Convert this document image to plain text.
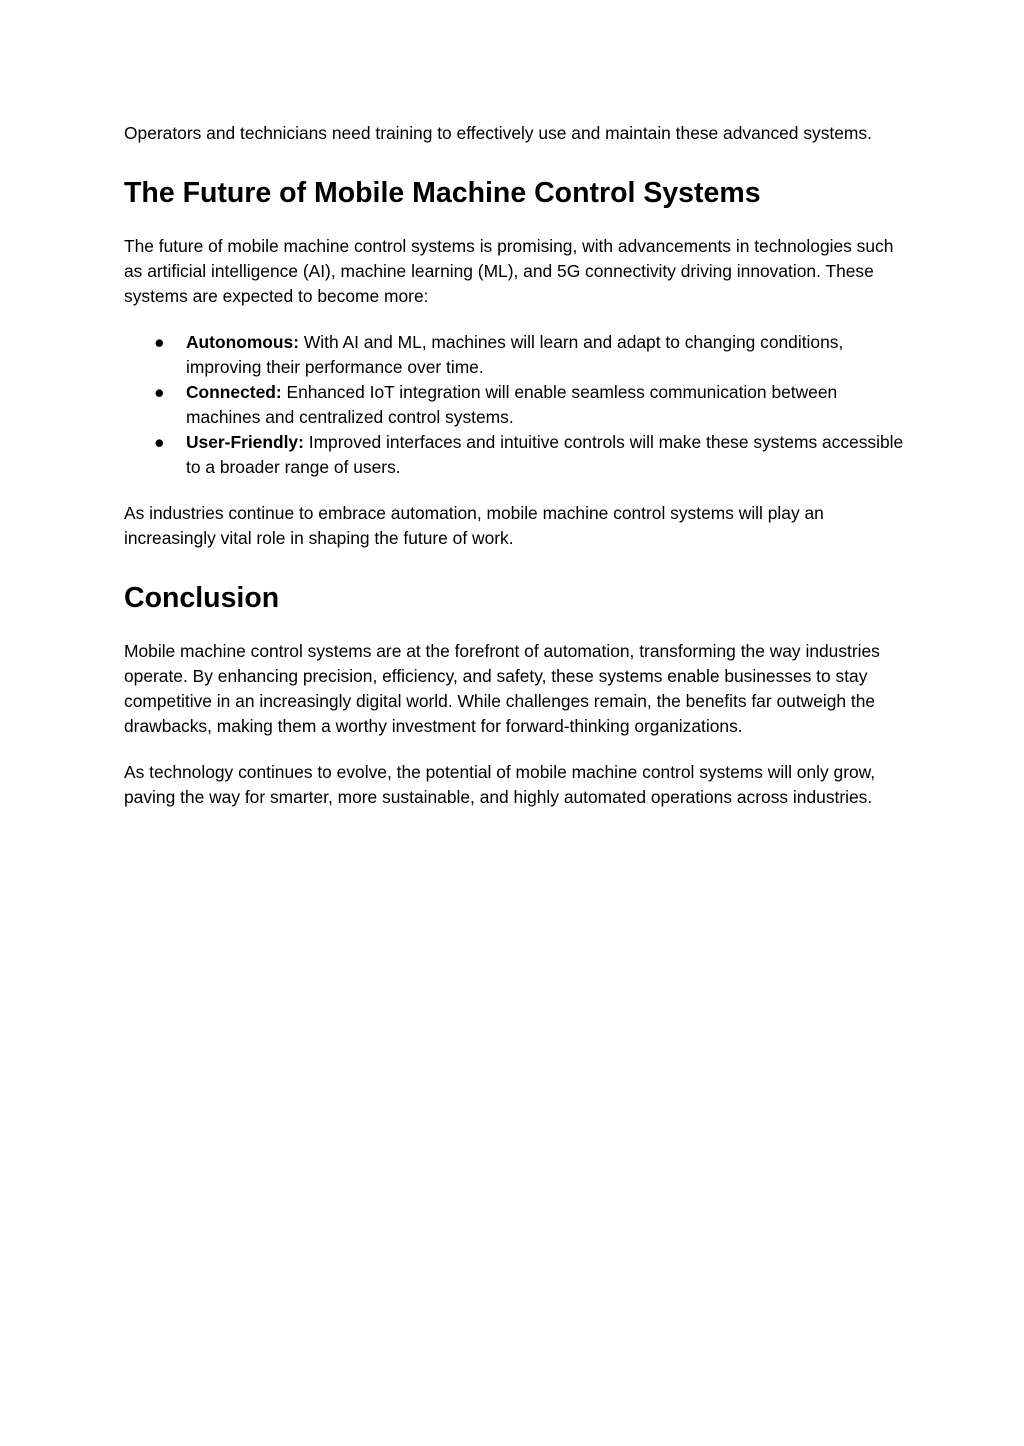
Operators and technicians need training to effectively use and maintain these advanced systems.

The Future of Mobile Machine Control Systems

The future of mobile machine control systems is promising, with advancements in technologies such as artificial intelligence (AI), machine learning (ML), and 5G connectivity driving innovation. These systems are expected to become more:

● Autonomous: With AI and ML, machines will learn and adapt to changing conditions, improving their performance over time.
● Connected: Enhanced IoT integration will enable seamless communication between machines and centralized control systems.
● User-Friendly: Improved interfaces and intuitive controls will make these systems accessible to a broader range of users.

As industries continue to embrace automation, mobile machine control systems will play an increasingly vital role in shaping the future of work.

Conclusion

Mobile machine control systems are at the forefront of automation, transforming the way industries operate. By enhancing precision, efficiency, and safety, these systems enable businesses to stay competitive in an increasingly digital world. While challenges remain, the benefits far outweigh the drawbacks, making them a worthy investment for forward-thinking organizations.

As technology continues to evolve, the potential of mobile machine control systems will only grow, paving the way for smarter, more sustainable, and highly automated operations across industries.
